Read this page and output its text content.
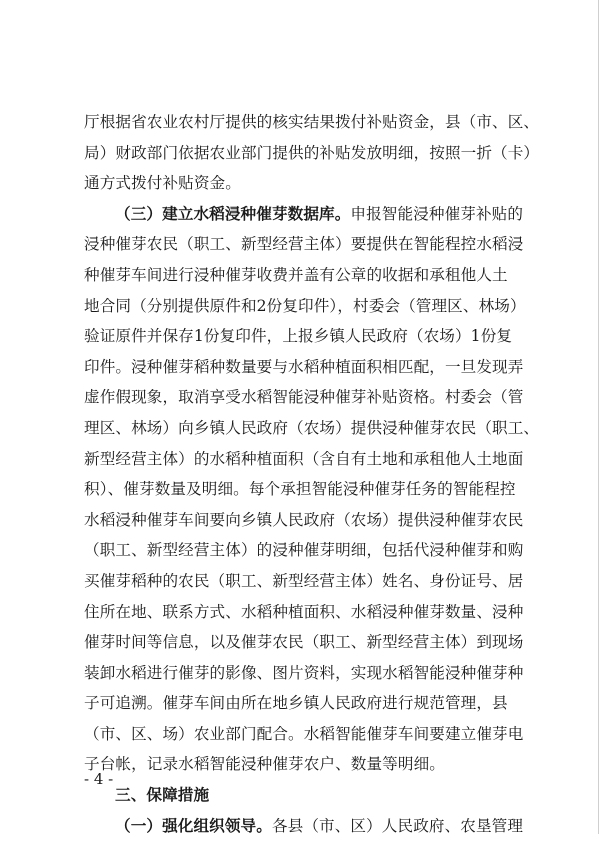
厅根据省农业农村厅提供的核实结果拨付补贴资金，县（市、区、
局）财政部门依据农业部门提供的补贴发放明细，按照一折（卡）
通方式拨付补贴资金。
（三）建立水稻浸种催芽数据库。申报智能浸种催芽补贴的
浸种催芽农民（职工、新型经营主体）要提供在智能程控水稻浸
种催芽车间进行浸种催芽收费并盖有公章的收据和承租他人土
地合同（分别提供原件和2份复印件），村委会（管理区、林场）
验证原件并保存1份复印件，上报乡镇人民政府（农场）1份复
印件。浸种催芽稻种数量要与水稻种植面积相匹配，一旦发现弄
虚作假现象，取消享受水稻智能浸种催芽补贴资格。村委会（管
理区、林场）向乡镇人民政府（农场）提供浸种催芽农民（职工、
新型经营主体）的水稻种植面积（含自有土地和承租他人土地面
积）、催芽数量及明细。每个承担智能浸种催芽任务的智能程控
水稻浸种催芽车间要向乡镇人民政府（农场）提供浸种催芽农民
（职工、新型经营主体）的浸种催芽明细，包括代浸种催芽和购
买催芽稻种的农民（职工、新型经营主体）姓名、身份证号、居
住所在地、联系方式、水稻种植面积、水稻浸种催芽数量、浸种
催芽时间等信息，以及催芽农民（职工、新型经营主体）到现场
装卸水稻进行催芽的影像、图片资料，实现水稻智能浸种催芽种
子可追溯。催芽车间由所在地乡镇人民政府进行规范管理，县
（市、区、场）农业部门配合。水稻智能催芽车间要建立催芽电
子台帐，记录水稻智能浸种催芽农户、数量等明细。
三、保障措施
（一）强化组织领导。各县（市、区）人民政府、农垦管理
- 4 -
